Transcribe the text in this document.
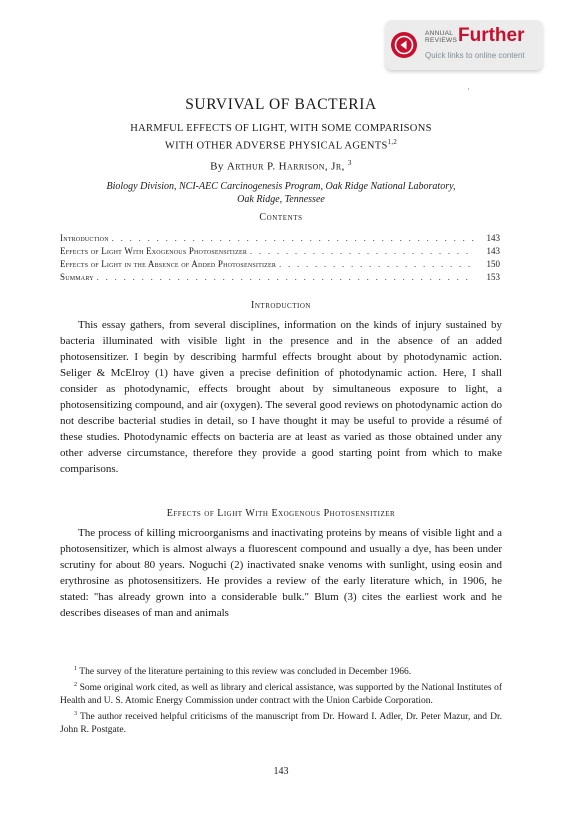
ANNUAL
REVIEWS Further
Quick links to online content
·
SURVIVAL OF BACTERIA
HARMFUL EFFECTS OF LIGHT, WITH SOME COMPARISONS
WITH OTHER ADVERSE PHYSICAL AGENTS$^{1,2}$
By Arthur P. Harrison, Jr, $^3$
Biology Division, NCI-AEC Carcinogenesis Program, Oak Ridge National Laboratory,
Oak Ridge, Tennessee
Contents
Introduction . . .	143
Effects of Light With Exogenous Photosensitizer . . .	143
Effects of Light in the Absence of Added Photosensitizer . . .	150
Summary . . .	153
Introduction

This essay gathers, from several disciplines, information on the kinds of injury sustained by bacteria illuminated with visible light in the presence and in the absence of an added photosensitizer. I begin by describing harmful effects brought about by photodynamic action. Seliger & McElroy (1) have given a precise definition of photodynamic action. Here, I shall consider as photodynamic, effects brought about by simultaneous exposure to light, a photosensitizing compound, and air (oxygen). The several good reviews on photodynamic action do not describe bacterial studies in detail, so I have thought it may be useful to provide a résumé of these studies. Photodynamic effects on bacteria are at least as varied as those obtained under any other adverse circumstance, therefore they provide a good starting point from which to make comparisons.

Effects of Light With Exogenous Photosensitizer

The process of killing microorganisms and inactivating proteins by means of visible light and a photosensitizer, which is almost always a fluorescent compound and usually a dye, has been under scrutiny for about 80 years. Noguchi (2) inactivated snake venoms with sunlight, using eosin and erythrosine as photosensitizers. He provides a review of the early literature which, in 1906, he stated: "has already grown into a considerable bulk." Blum (3) cites the earliest work and he describes diseases of man and animals

$^1$ The survey of the literature pertaining to this review was concluded in December 1966.

$^2$ Some original work cited, as well as library and clerical assistance, was supported by the National Institutes of Health and U. S. Atomic Energy Commission under contract with the Union Carbide Corporation.

$^3$ The author received helpful criticisms of the manuscript from Dr. Howard I. Adler, Dr. Peter Mazur, and Dr. John R. Postgate.

143
